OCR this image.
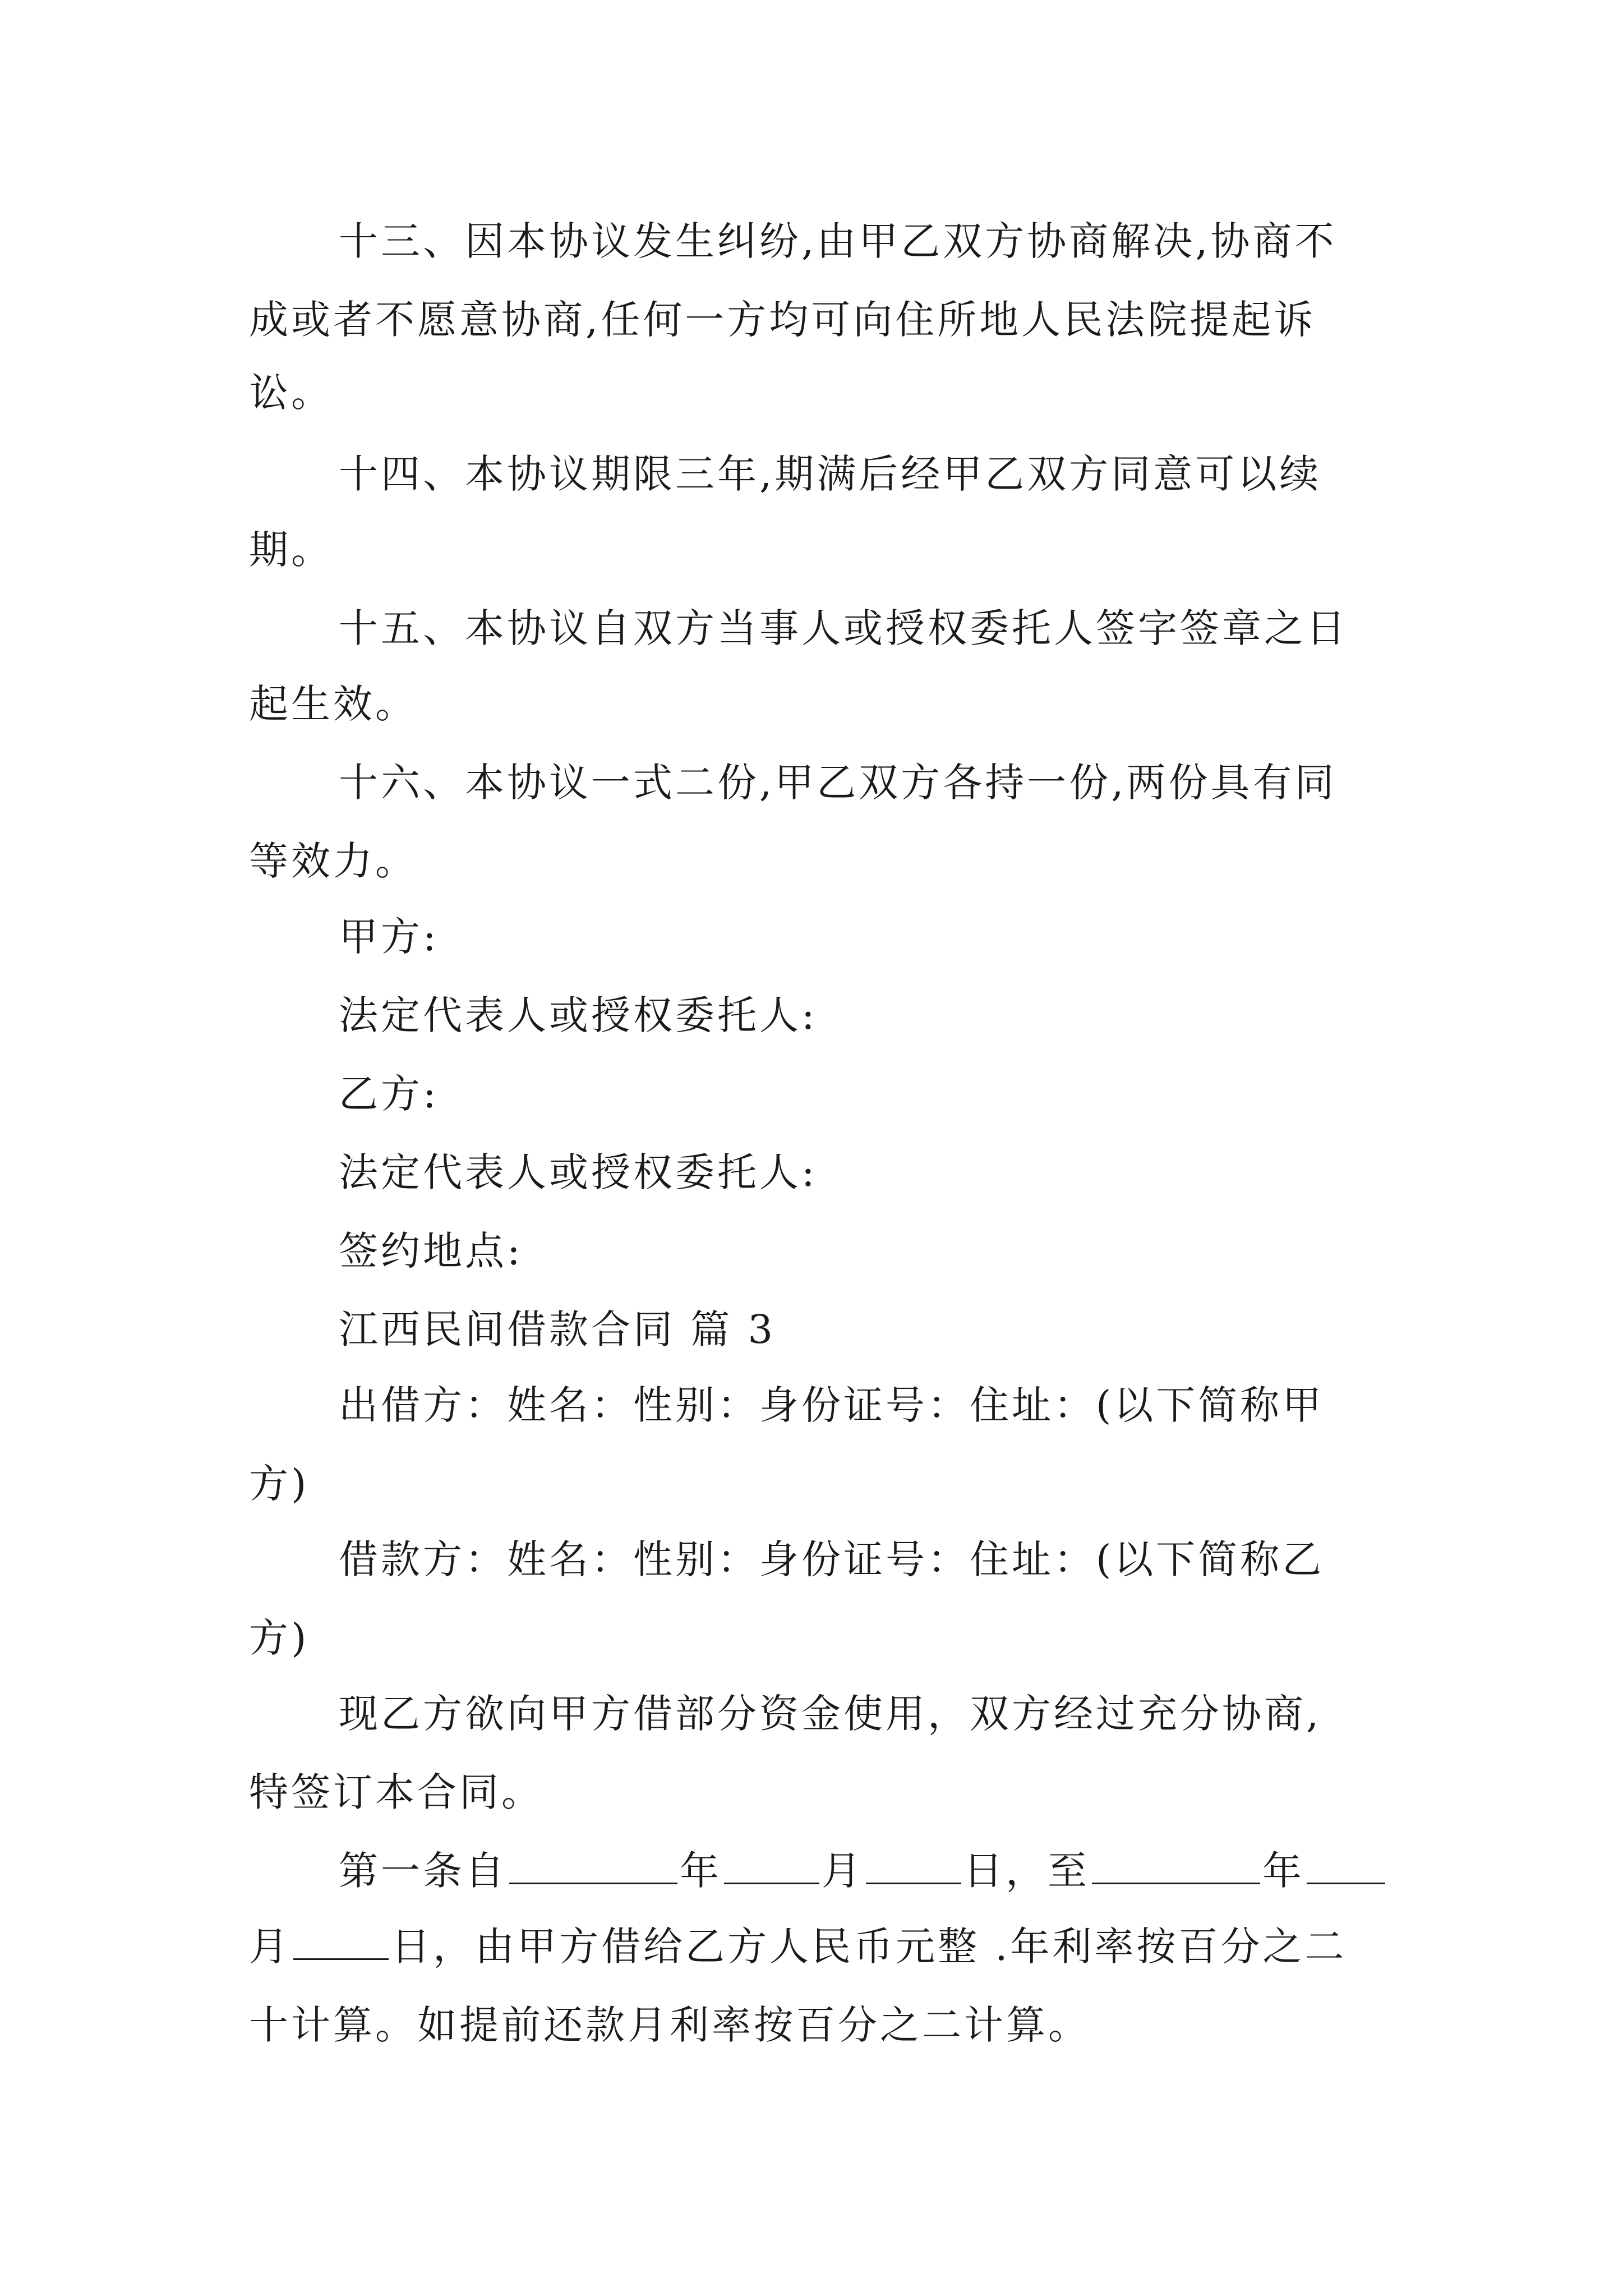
十三、因本协议发生纠纷,由甲乙双方协商解决,协商不
成或者不愿意协商,任何一方均可向住所地人民法院提起诉
讼。
十四、本协议期限三年,期满后经甲乙双方同意可以续
期。
十五、本协议自双方当事人或授权委托人签字签章之日
起生效。
十六、本协议一式二份,甲乙双方各持一份,两份具有同
等效力。
甲方:
法定代表人或授权委托人:
乙方:
法定代表人或授权委托人:
签约地点:
江西民间借款合同 篇 3
出借方：姓名：性别：身份证号：住址：(以下简称甲
方)
借款方：姓名：性别：身份证号：住址：(以下简称乙
方)
现乙方欲向甲方借部分资金使用，双方经过充分协商,
特签订本合同。
第一条自	年	月	日，至	年
月	日，由甲方借给乙方人民币元整 .年利率按百分之二
十计算。如提前还款月利率按百分之二计算。
